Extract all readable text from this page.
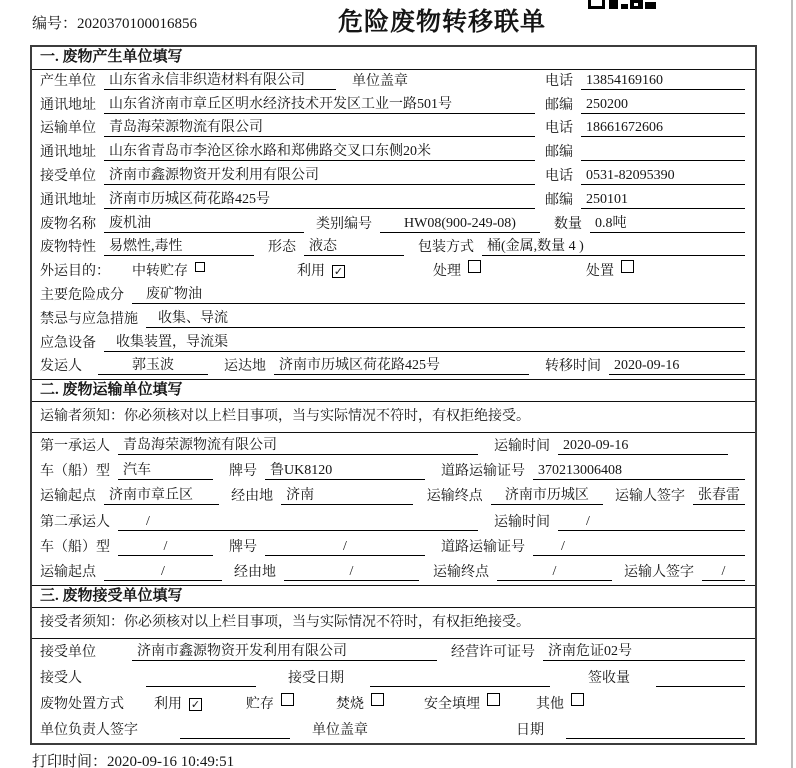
编号：2020370100016856	危险废物转移联单
一. 废物产生单位填写
产生单位 山东省永信非织造材料有限公司	单位盖章	电话 13854169160
通讯地址 山东省济南市章丘区明水经济技术开发区工业一路501号	邮编 250200
运输单位 青岛海荣源物流有限公司	电话 18661672606
通讯地址 山东省青岛市李沧区徐水路和郑佛路交叉口东侧20米	邮编
接受单位 济南市鑫源物资开发利用有限公司	电话 0531-82095390
通讯地址 济南市历城区荷花路425号	邮编 250101
废物名称 废机油	类别编号	HW08(900-249-08)	数量 0.8吨
废物特性 易燃性,毒性	形态 液态	包装方式 桶(金属,数量 4 )
外运目的： 中转贮存	利用 ✓	处理	处置
主要危险成分	废矿物油
禁忌与应急措施	收集、导流
应急设备	收集装置，导流渠
发运人	郭玉波	运达地 济南市历城区荷花路425号	转移时间 2020-09-16
二. 废物运输单位填写
运输者须知：你必须核对以上栏目事项，当与实际情况不符时，有权拒绝接受。
第一承运人 青岛海荣源物流有限公司	运输时间 2020-09-16
车（船）型 汽车	牌号 鲁UK8120	道路运输证号 370213006408
运输起点 济南市章丘区	经由地 济南	运输终点	济南市历城区	运输人签字 张春雷
第二承运人	/	运输时间	/
车（船）型	/	牌号	/	道路运输证号	/
运输起点	/	经由地	/	运输终点	/	运输人签字	/
三. 废物接受单位填写
接受者须知：你必须核对以上栏目事项，当与实际情况不符时，有权拒绝接受。
接受单位	济南市鑫源物资开发利用有限公司	经营许可证号 济南危证02号
接受人	接受日期	签收量
废物处置方式 利用 ✓	贮存	焚烧	安全填埋	其他
单位负责人签字	单位盖章	日期
打印时间：2020-09-16 10:49:51
